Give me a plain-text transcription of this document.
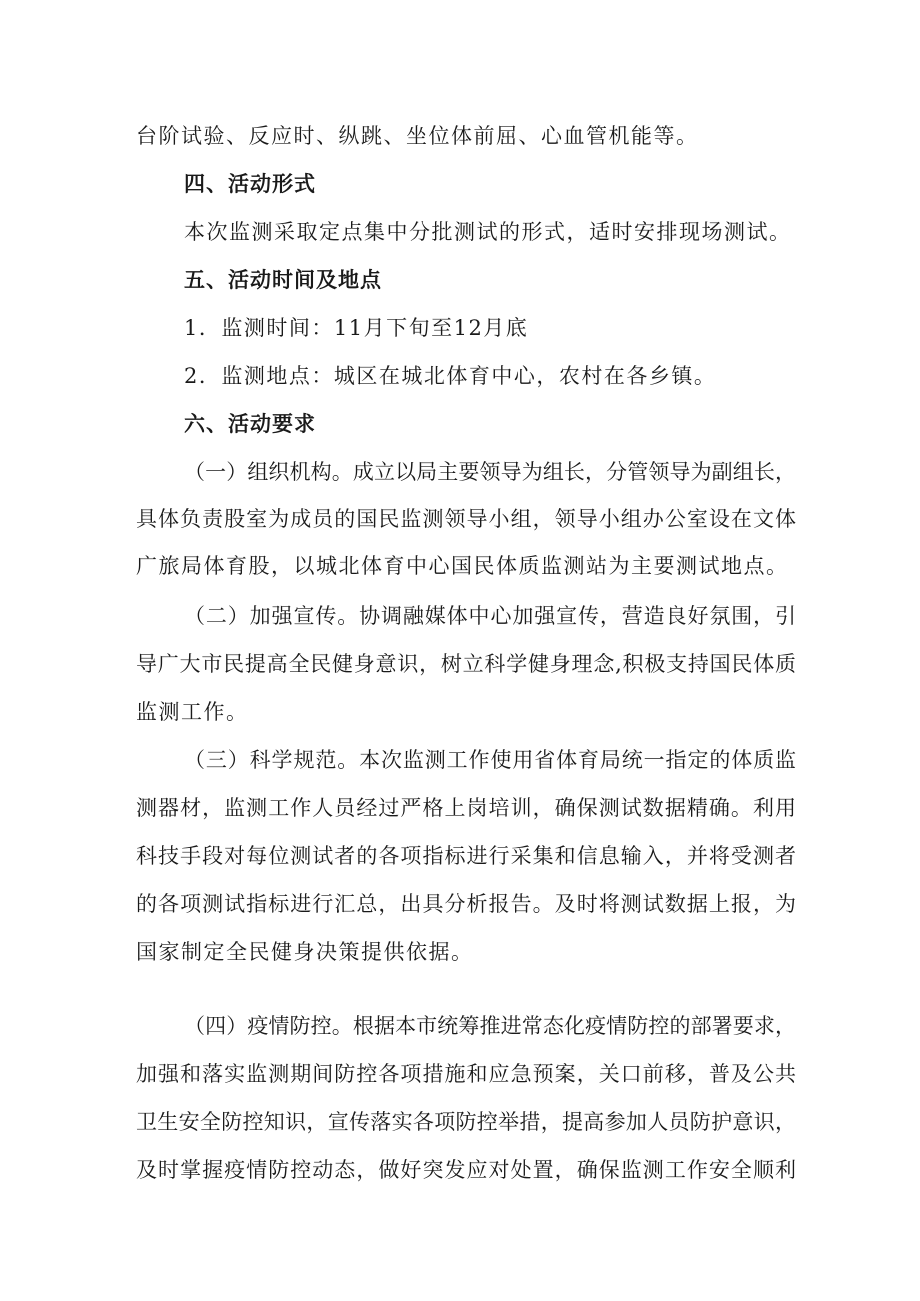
台阶试验、反应时、纵跳、坐位体前屈、心血管机能等。
四、活动形式
本次监测采取定点集中分批测试的形式，适时安排现场测试。
五、活动时间及地点
1．监测时间：11月下旬至12月底
2．监测地点：城区在城北体育中心，农村在各乡镇。
六、活动要求
（一）组织机构。成立以局主要领导为组长，分管领导为副组长，
具体负责股室为成员的国民监测领导小组，领导小组办公室设在文体
广旅局体育股，以城北体育中心国民体质监测站为主要测试地点。
（二）加强宣传。协调融媒体中心加强宣传，营造良好氛围，引
导广大市民提高全民健身意识，树立科学健身理念,积极支持国民体质
监测工作。
（三）科学规范。本次监测工作使用省体育局统一指定的体质监
测器材，监测工作人员经过严格上岗培训，确保测试数据精确。利用
科技手段对每位测试者的各项指标进行采集和信息输入，并将受测者
的各项测试指标进行汇总，出具分析报告。及时将测试数据上报，为
国家制定全民健身决策提供依据。
（四）疫情防控。根据本市统筹推进常态化疫情防控的部署要求，
加强和落实监测期间防控各项措施和应急预案，关口前移，普及公共
卫生安全防控知识，宣传落实各项防控举措，提高参加人员防护意识，
及时掌握疫情防控动态，做好突发应对处置，确保监测工作安全顺利
